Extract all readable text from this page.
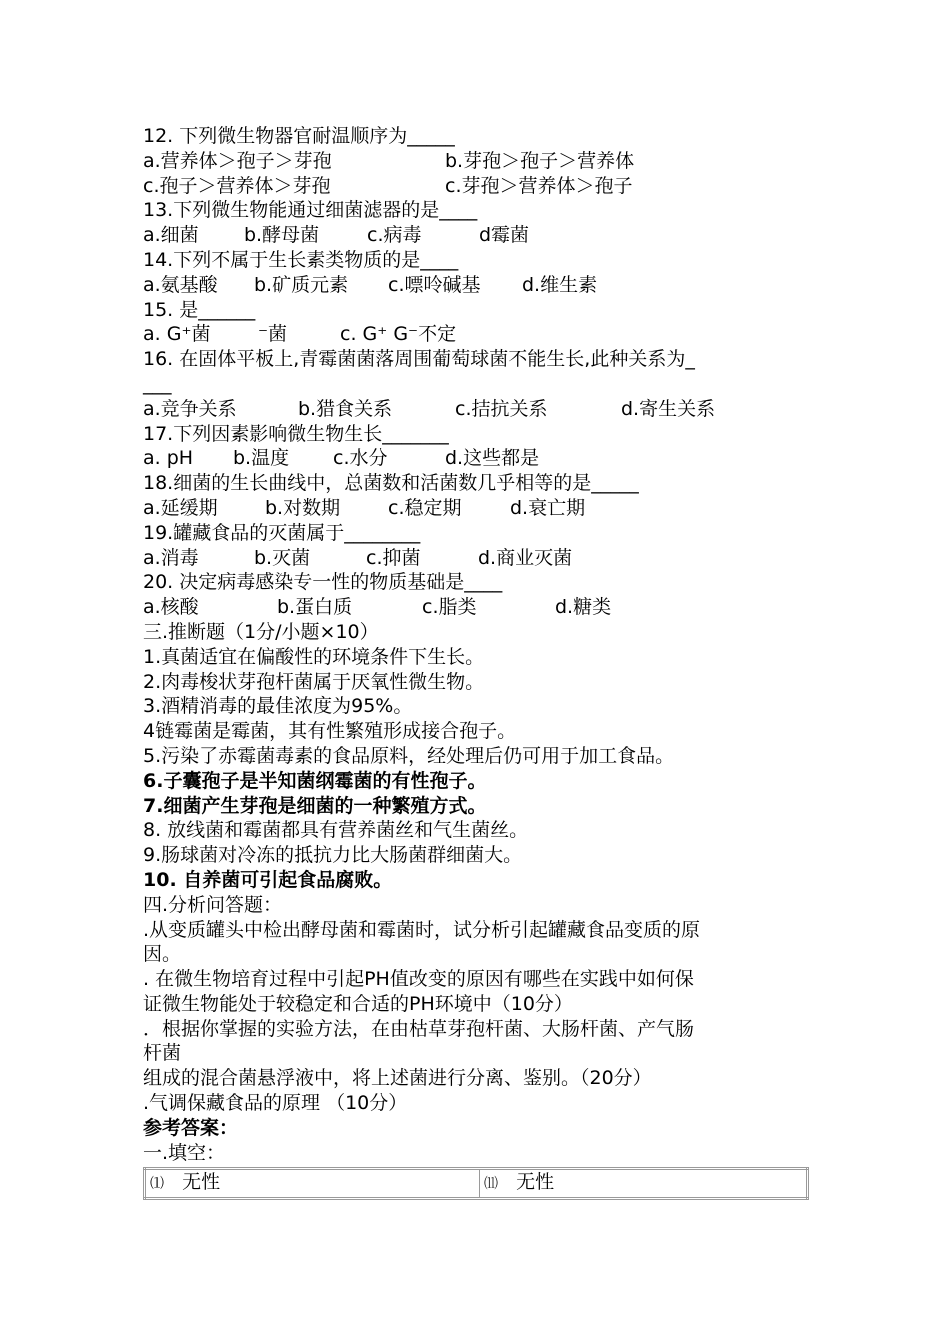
12. 下列微生物器官耐温顺序为_____
a.营养体＞孢子＞芽孢	b.芽孢＞孢子＞营养体
c.孢子＞营养体＞芽孢	c.芽孢＞营养体＞孢子
13.下列微生物能通过细菌滤器的是____
a.细菌 b.酵母菌	c.病毒	d霉菌
14.下列不属于生长素类物质的是____
a.氨基酸 b.矿质元素 c.嘌呤碱基 d.维生素
15. 是______
a. G⁺菌	⁻菌	c. G⁺ G⁻不定
16. 在固体平板上,青霉菌菌落周围葡萄球菌不能生长,此种关系为_
___
a.竞争关系	b.猎食关系	c.拮抗关系	d.寄生关系
17.下列因素影响微生物生长_______
a. pH b.温度 c.水分	d.这些都是
18.细菌的生长曲线中，总菌数和活菌数几乎相等的是_____
a.延缓期 b.对数期	c.稳定期	d.衰亡期
19.罐藏食品的灭菌属于________
a.消毒	b.灭菌	c.抑菌	d.商业灭菌
20. 决定病毒感染专一性的物质基础是____
a.核酸	b.蛋白质	c.脂类	d.糖类
三.推断题（1分/小题×10）
1.真菌适宜在偏酸性的环境条件下生长。
2.肉毒梭状芽孢杆菌属于厌氧性微生物。
3.酒精消毒的最佳浓度为95%。
4链霉菌是霉菌，其有性繁殖形成接合孢子。
5.污染了赤霉菌毒素的食品原料，经处理后仍可用于加工食品。
6.子囊孢子是半知菌纲霉菌的有性孢子。
7.细菌产生芽孢是细菌的一种繁殖方式。
8. 放线菌和霉菌都具有营养菌丝和气生菌丝。
9.肠球菌对冷冻的抵抗力比大肠菌群细菌大。
10. 自养菌可引起食品腐败。
四.分析问答题：
.从变质罐头中检出酵母菌和霉菌时，试分析引起罐藏食品变质的原
因。
. 在微生物培育过程中引起PH值改变的原因有哪些在实践中如何保
证微生物能处于较稳定和合适的PH环境中（10分）
．根据你掌握的实验方法，在由枯草芽孢杆菌、大肠杆菌、产气肠
杆菌
组成的混合菌悬浮液中，将上述菌进行分离、鉴别。（20分）
.气调保藏食品的原理 （10分）
参考答案：
一.填空：
⑴ 无性	⑾ 无性
